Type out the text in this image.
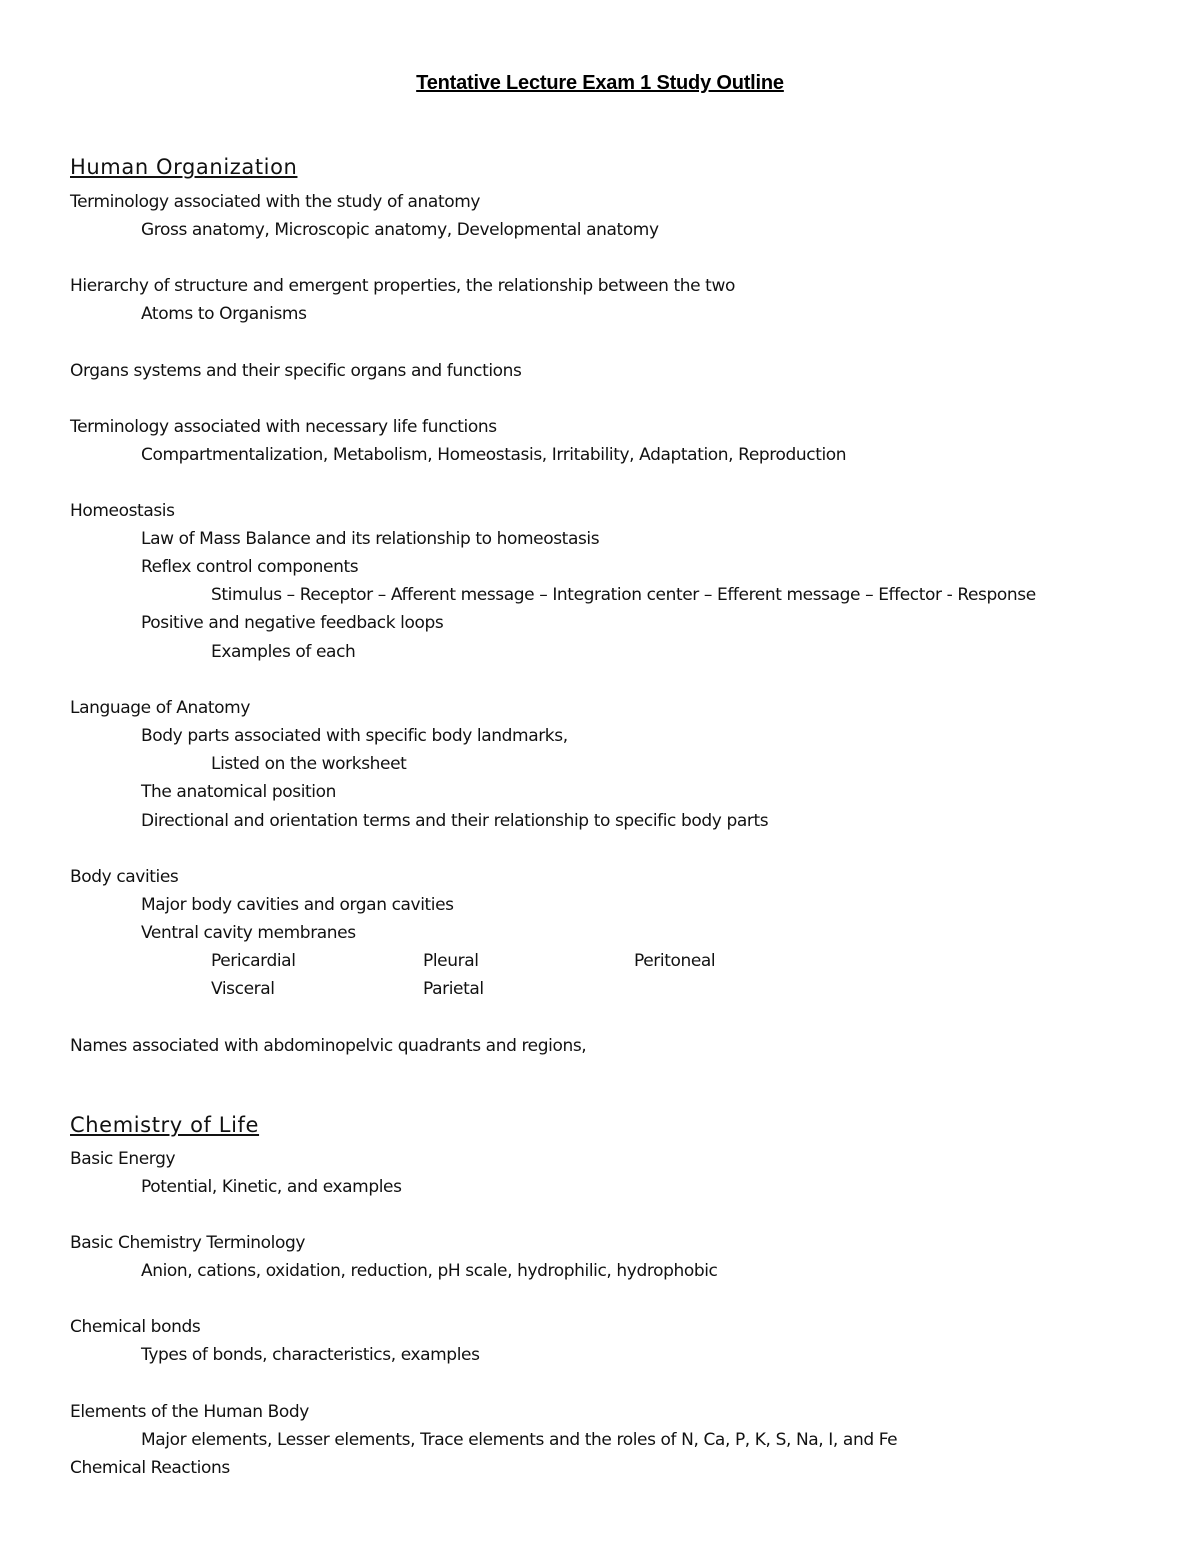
Tentative Lecture Exam 1 Study Outline
Human Organization
Terminology associated with the study of anatomy
Gross anatomy, Microscopic anatomy, Developmental anatomy
Hierarchy of structure and emergent properties, the relationship between the two
Atoms to Organisms
Organs systems and their specific organs and functions
Terminology associated with necessary life functions
Compartmentalization, Metabolism, Homeostasis, Irritability, Adaptation, Reproduction
Homeostasis
Law of Mass Balance and its relationship to homeostasis
Reflex control components
Stimulus – Receptor – Afferent message – Integration center – Efferent message – Effector - Response
Positive and negative feedback loops
Examples of each
Language of Anatomy
Body parts associated with specific body landmarks,
Listed on the worksheet
The anatomical position
Directional and orientation terms and their relationship to specific body parts
Body cavities
Major body cavities and organ cavities
Ventral cavity membranes
Pericardial	Pleural	Peritoneal
Visceral	Parietal
Names associated with abdominopelvic quadrants and regions,
Chemistry of Life
Basic Energy
Potential, Kinetic, and examples
Basic Chemistry Terminology
Anion, cations, oxidation, reduction, pH scale, hydrophilic, hydrophobic
Chemical bonds
Types of bonds, characteristics, examples
Elements of the Human Body
Major elements, Lesser elements, Trace elements and the roles of N, Ca, P, K, S, Na, I, and Fe
Chemical Reactions
